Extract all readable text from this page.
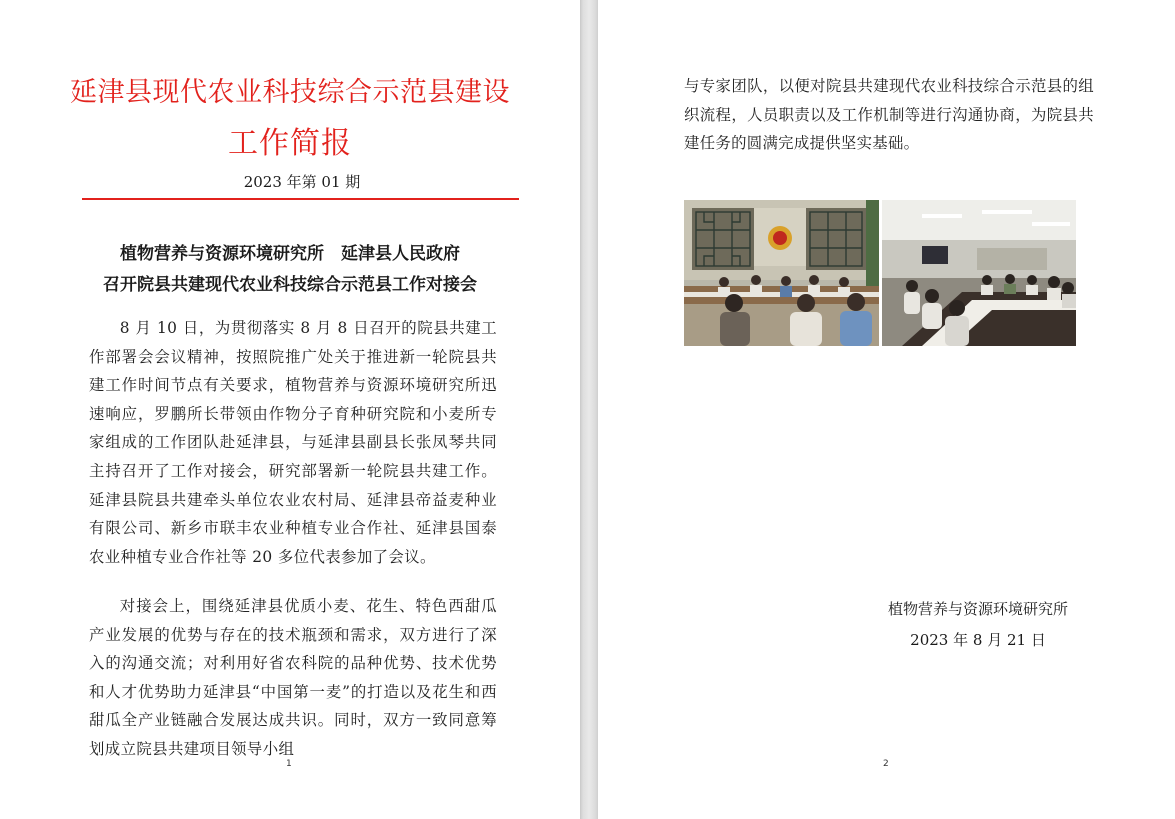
延津县现代农业科技综合示范县建设
工作简报
2023 年第 01 期
植物营养与资源环境研究所　延津县人民政府
召开院县共建现代农业科技综合示范县工作对接会

8 月 10 日，为贯彻落实 8 月 8 日召开的院县共建工作部署会会议精神，按照院推广处关于推进新一轮院县共建工作时间节点有关要求，植物营养与资源环境研究所迅速响应，罗鹏所长带领由作物分子育种研究院和小麦所专家组成的工作团队赴延津县，与延津县副县长张凤琴共同主持召开了工作对接会，研究部署新一轮院县共建工作。延津县院县共建牵头单位农业农村局、延津县帝益麦种业有限公司、新乡市联丰农业种植专业合作社、延津县国泰农业种植专业合作社等 20 多位代表参加了会议。

对接会上，围绕延津县优质小麦、花生、特色西甜瓜产业发展的优势与存在的技术瓶颈和需求，双方进行了深入的沟通交流；对利用好省农科院的品种优势、技术优势和人才优势助力延津县“中国第一麦”的打造以及花生和西甜瓜全产业链融合发展达成共识。同时，双方一致同意筹划成立院县共建项目领导小组

1

与专家团队，以便对院县共建现代农业科技综合示范县的组织流程，人员职责以及工作机制等进行沟通协商，为院县共建任务的圆满完成提供坚实基础。

植物营养与资源环境研究所
2023 年 8 月 21 日
2
